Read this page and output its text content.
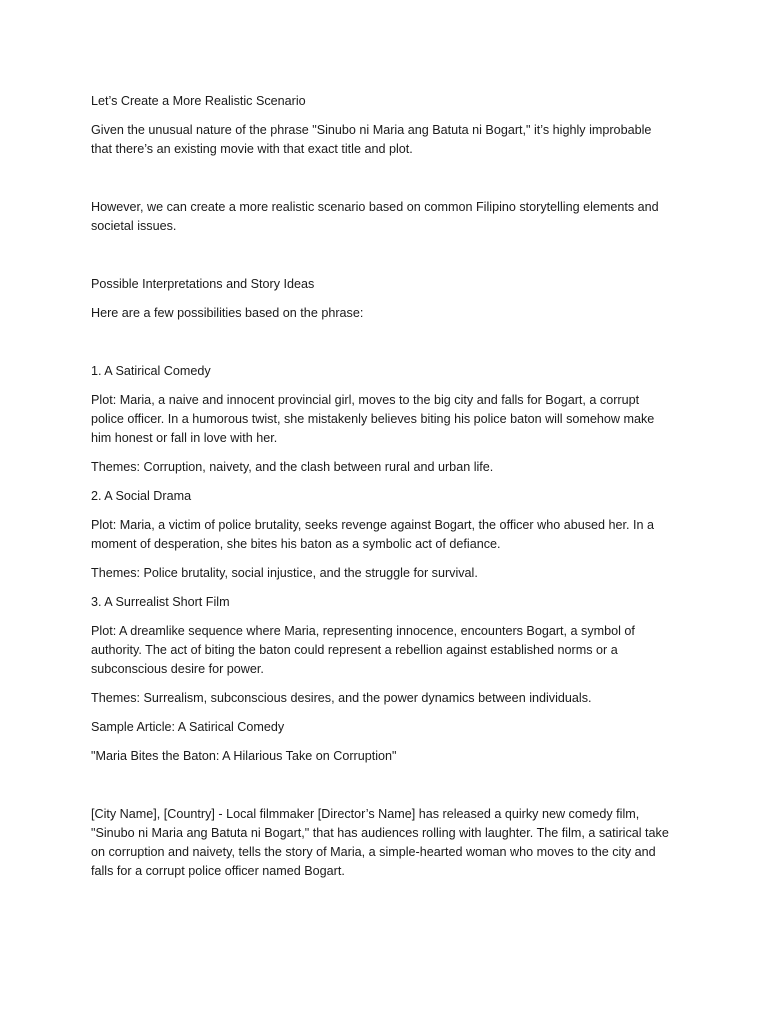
Let’s Create a More Realistic Scenario

Given the unusual nature of the phrase "Sinubo ni Maria ang Batuta ni Bogart," it’s highly improbable

that there’s an existing movie with that exact title and plot.

However, we can create a more realistic scenario based on common Filipino storytelling elements and

societal issues.

Possible Interpretations and Story Ideas

Here are a few possibilities based on the phrase:

1. A Satirical Comedy

Plot: Maria, a naive and innocent provincial girl, moves to the big city and falls for Bogart, a corrupt

police officer. In a humorous twist, she mistakenly believes biting his police baton will somehow make

him honest or fall in love with her.

Themes: Corruption, naivety, and the clash between rural and urban life.

2. A Social Drama

Plot: Maria, a victim of police brutality, seeks revenge against Bogart, the officer who abused her. In a

moment of desperation, she bites his baton as a symbolic act of defiance.

Themes: Police brutality, social injustice, and the struggle for survival.

3. A Surrealist Short Film

Plot: A dreamlike sequence where Maria, representing innocence, encounters Bogart, a symbol of

authority. The act of biting the baton could represent a rebellion against established norms or a

subconscious desire for power.

Themes: Surrealism, subconscious desires, and the power dynamics between individuals.

Sample Article: A Satirical Comedy

"Maria Bites the Baton: A Hilarious Take on Corruption"

[City Name], [Country] - Local filmmaker [Director’s Name] has released a quirky new comedy film,

"Sinubo ni Maria ang Batuta ni Bogart," that has audiences rolling with laughter. The film, a satirical take

on corruption and naivety, tells the story of Maria, a simple-hearted woman who moves to the city and

falls for a corrupt police officer named Bogart.
